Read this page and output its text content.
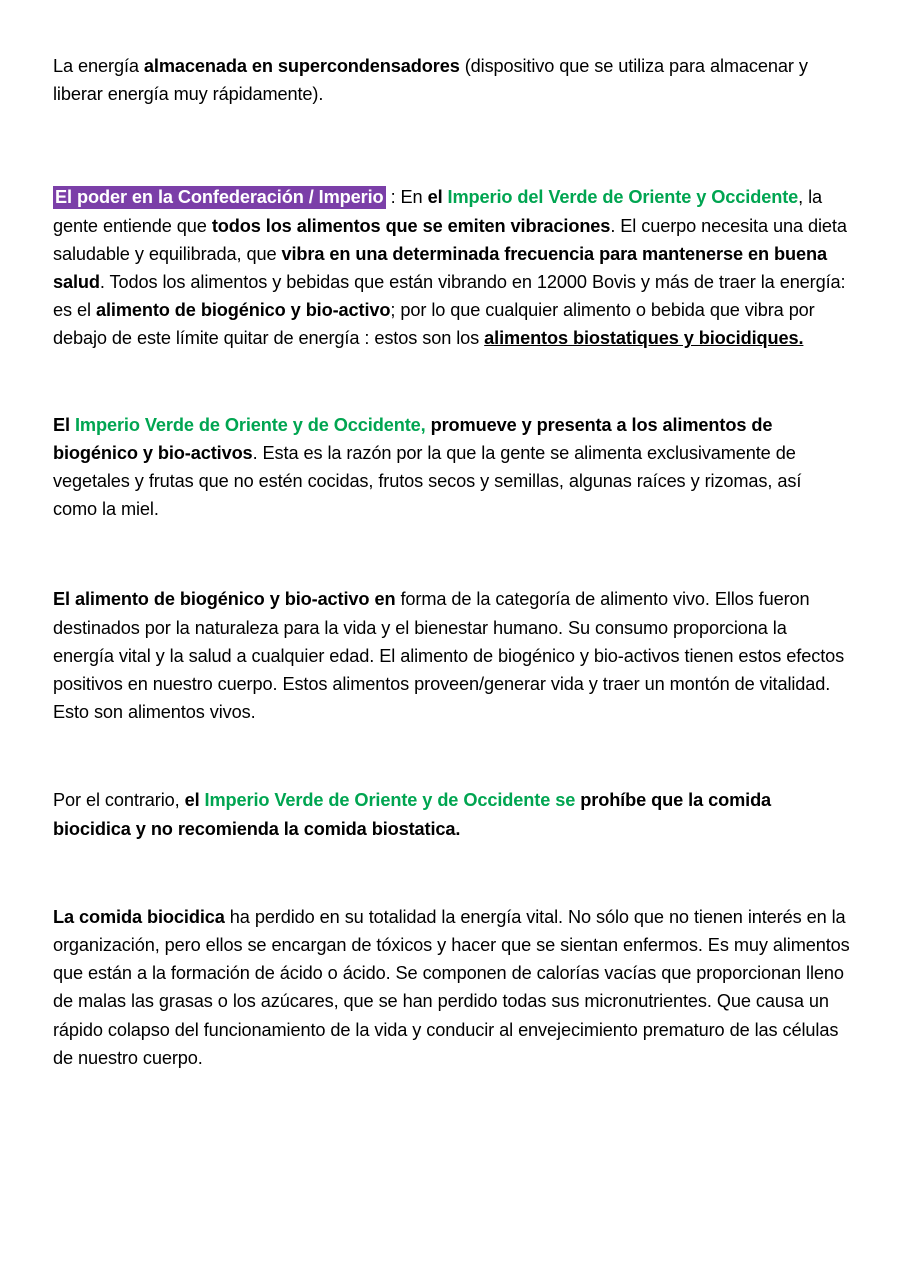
La energía almacenada en supercondensadores (dispositivo que se utiliza para almacenar y liberar energía muy rápidamente).

El poder en la Confederación / Imperio : En el Imperio del Verde de Oriente y Occidente, la gente entiende que todos los alimentos que se emiten vibraciones. El cuerpo necesita una dieta saludable y equilibrada, que vibra en una determinada frecuencia para mantenerse en buena salud. Todos los alimentos y bebidas que están vibrando en 12000 Bovis y más de traer la energía: es el alimento de biogénico y bio-activo; por lo que cualquier alimento o bebida que vibra por debajo de este límite quitar de energía : estos son los alimentos biostatiques y biocidiques.

El Imperio Verde de Oriente y de Occidente, promueve y presenta a los alimentos de biogénico y bio-activos. Esta es la razón por la que la gente se alimenta exclusivamente de vegetales y frutas que no estén cocidas, frutos secos y semillas, algunas raíces y rizomas, así como la miel.

El alimento de biogénico y bio-activo en forma de la categoría de alimento vivo. Ellos fueron destinados por la naturaleza para la vida y el bienestar humano. Su consumo proporciona la energía vital y la salud a cualquier edad. El alimento de biogénico y bio-activos tienen estos efectos positivos en nuestro cuerpo. Estos alimentos proveen/generar vida y traer un montón de vitalidad. Esto son alimentos vivos.

Por el contrario, el Imperio Verde de Oriente y de Occidente se prohíbe que la comida biocidica y no recomienda la comida biostatica.

La comida biocidica ha perdido en su totalidad la energía vital. No sólo que no tienen interés en la organización, pero ellos se encargan de tóxicos y hacer que se sientan enfermos. Es muy alimentos que están a la formación de ácido o ácido. Se componen de calorías vacías que proporcionan lleno de malas las grasas o los azúcares, que se han perdido todas sus micronutrientes. Que causa un rápido colapso del funcionamiento de la vida y conducir al envejecimiento prematuro de las células de nuestro cuerpo.
